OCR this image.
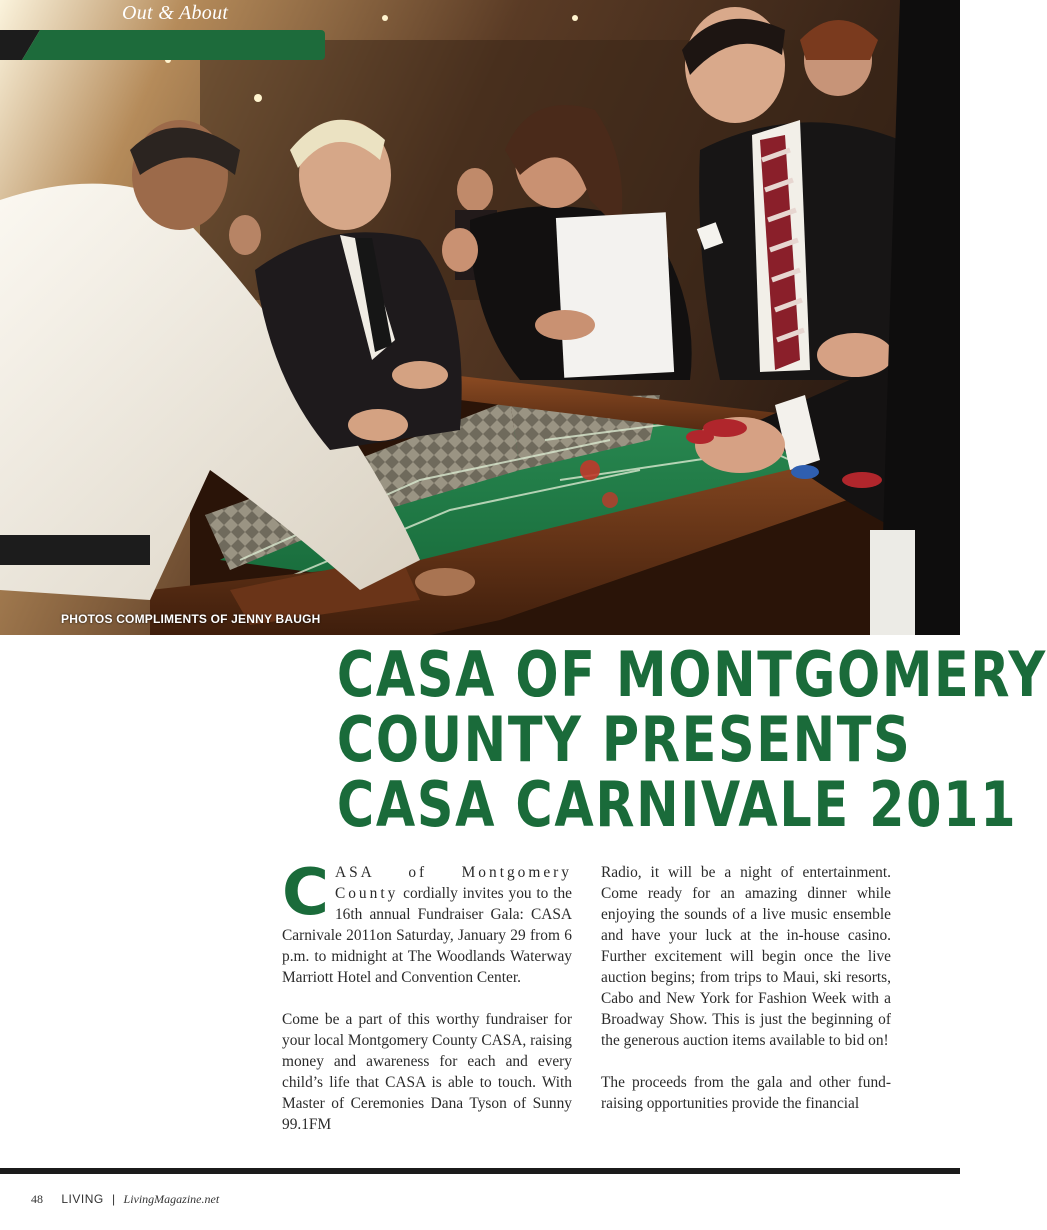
Out & About
PHOTOS COMPLIMENTS OF JENNY BAUGH
CASA OF MONTGOMERY
COUNTY PRESENTS
CASA CARNIVALE 2011

CASA of Montgomery County cordially invites you to the 16th annual Fundraiser Gala: CASA Carnivale 2011on Saturday, January 29 from 6 p.m. to midnight at The Woodlands Waterway Marriott Hotel and Convention Center.

Come be a part of this worthy fundraiser for your local Montgomery County CASA, raising money and awareness for each and every child’s life that CASA is able to touch. With Master of Ceremonies Dana Tyson of Sunny 99.1FM

Radio, it will be a night of entertainment. Come ready for an amazing dinner while enjoying the sounds of a live music ensemble and have your luck at the in-house casino. Further excitement will begin once the live auction begins; from trips to Maui, ski resorts, Cabo and New York for Fashion Week with a Broadway Show. This is just the beginning of the generous auction items available to bid on!

The proceeds from the gala and other fund-raising opportunities provide the financial

48 LIVING | LivingMagazine.net
